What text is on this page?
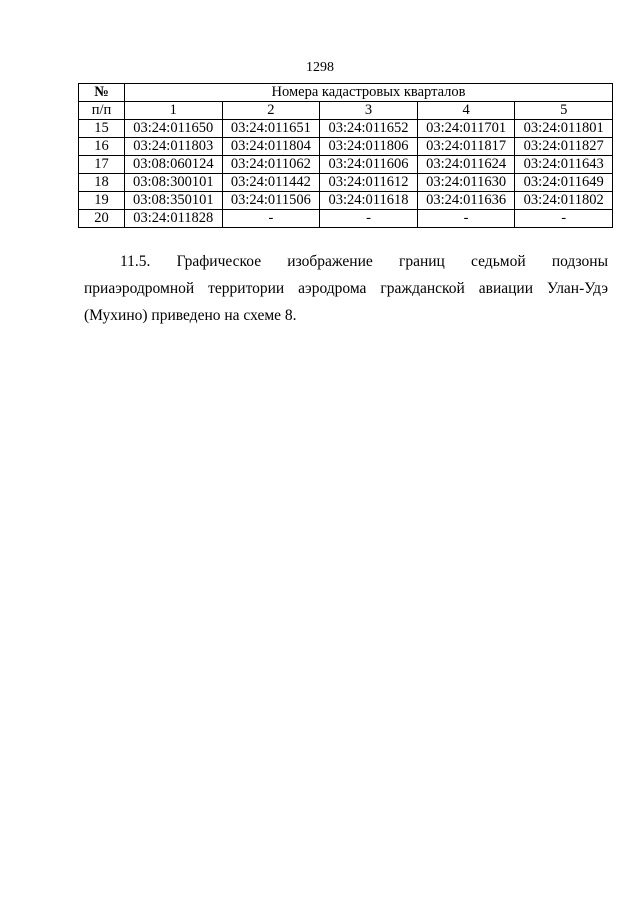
1298
№	Номера кадастровых кварталов				
п/п	1	2	3	4	5
15	03:24:011650	03:24:011651	03:24:011652	03:24:011701	03:24:011801
16	03:24:011803	03:24:011804	03:24:011806	03:24:011817	03:24:011827
17	03:08:060124	03:24:011062	03:24:011606	03:24:011624	03:24:011643
18	03:08:300101	03:24:011442	03:24:011612	03:24:011630	03:24:011649
19	03:08:350101	03:24:011506	03:24:011618	03:24:011636	03:24:011802
20	03:24:011828	-	-	-	-

11.5. Графическое изображение границ седьмой подзоны приаэродромной территории аэродрома гражданской авиации Улан-Удэ (Мухино) приведено на схеме 8.
